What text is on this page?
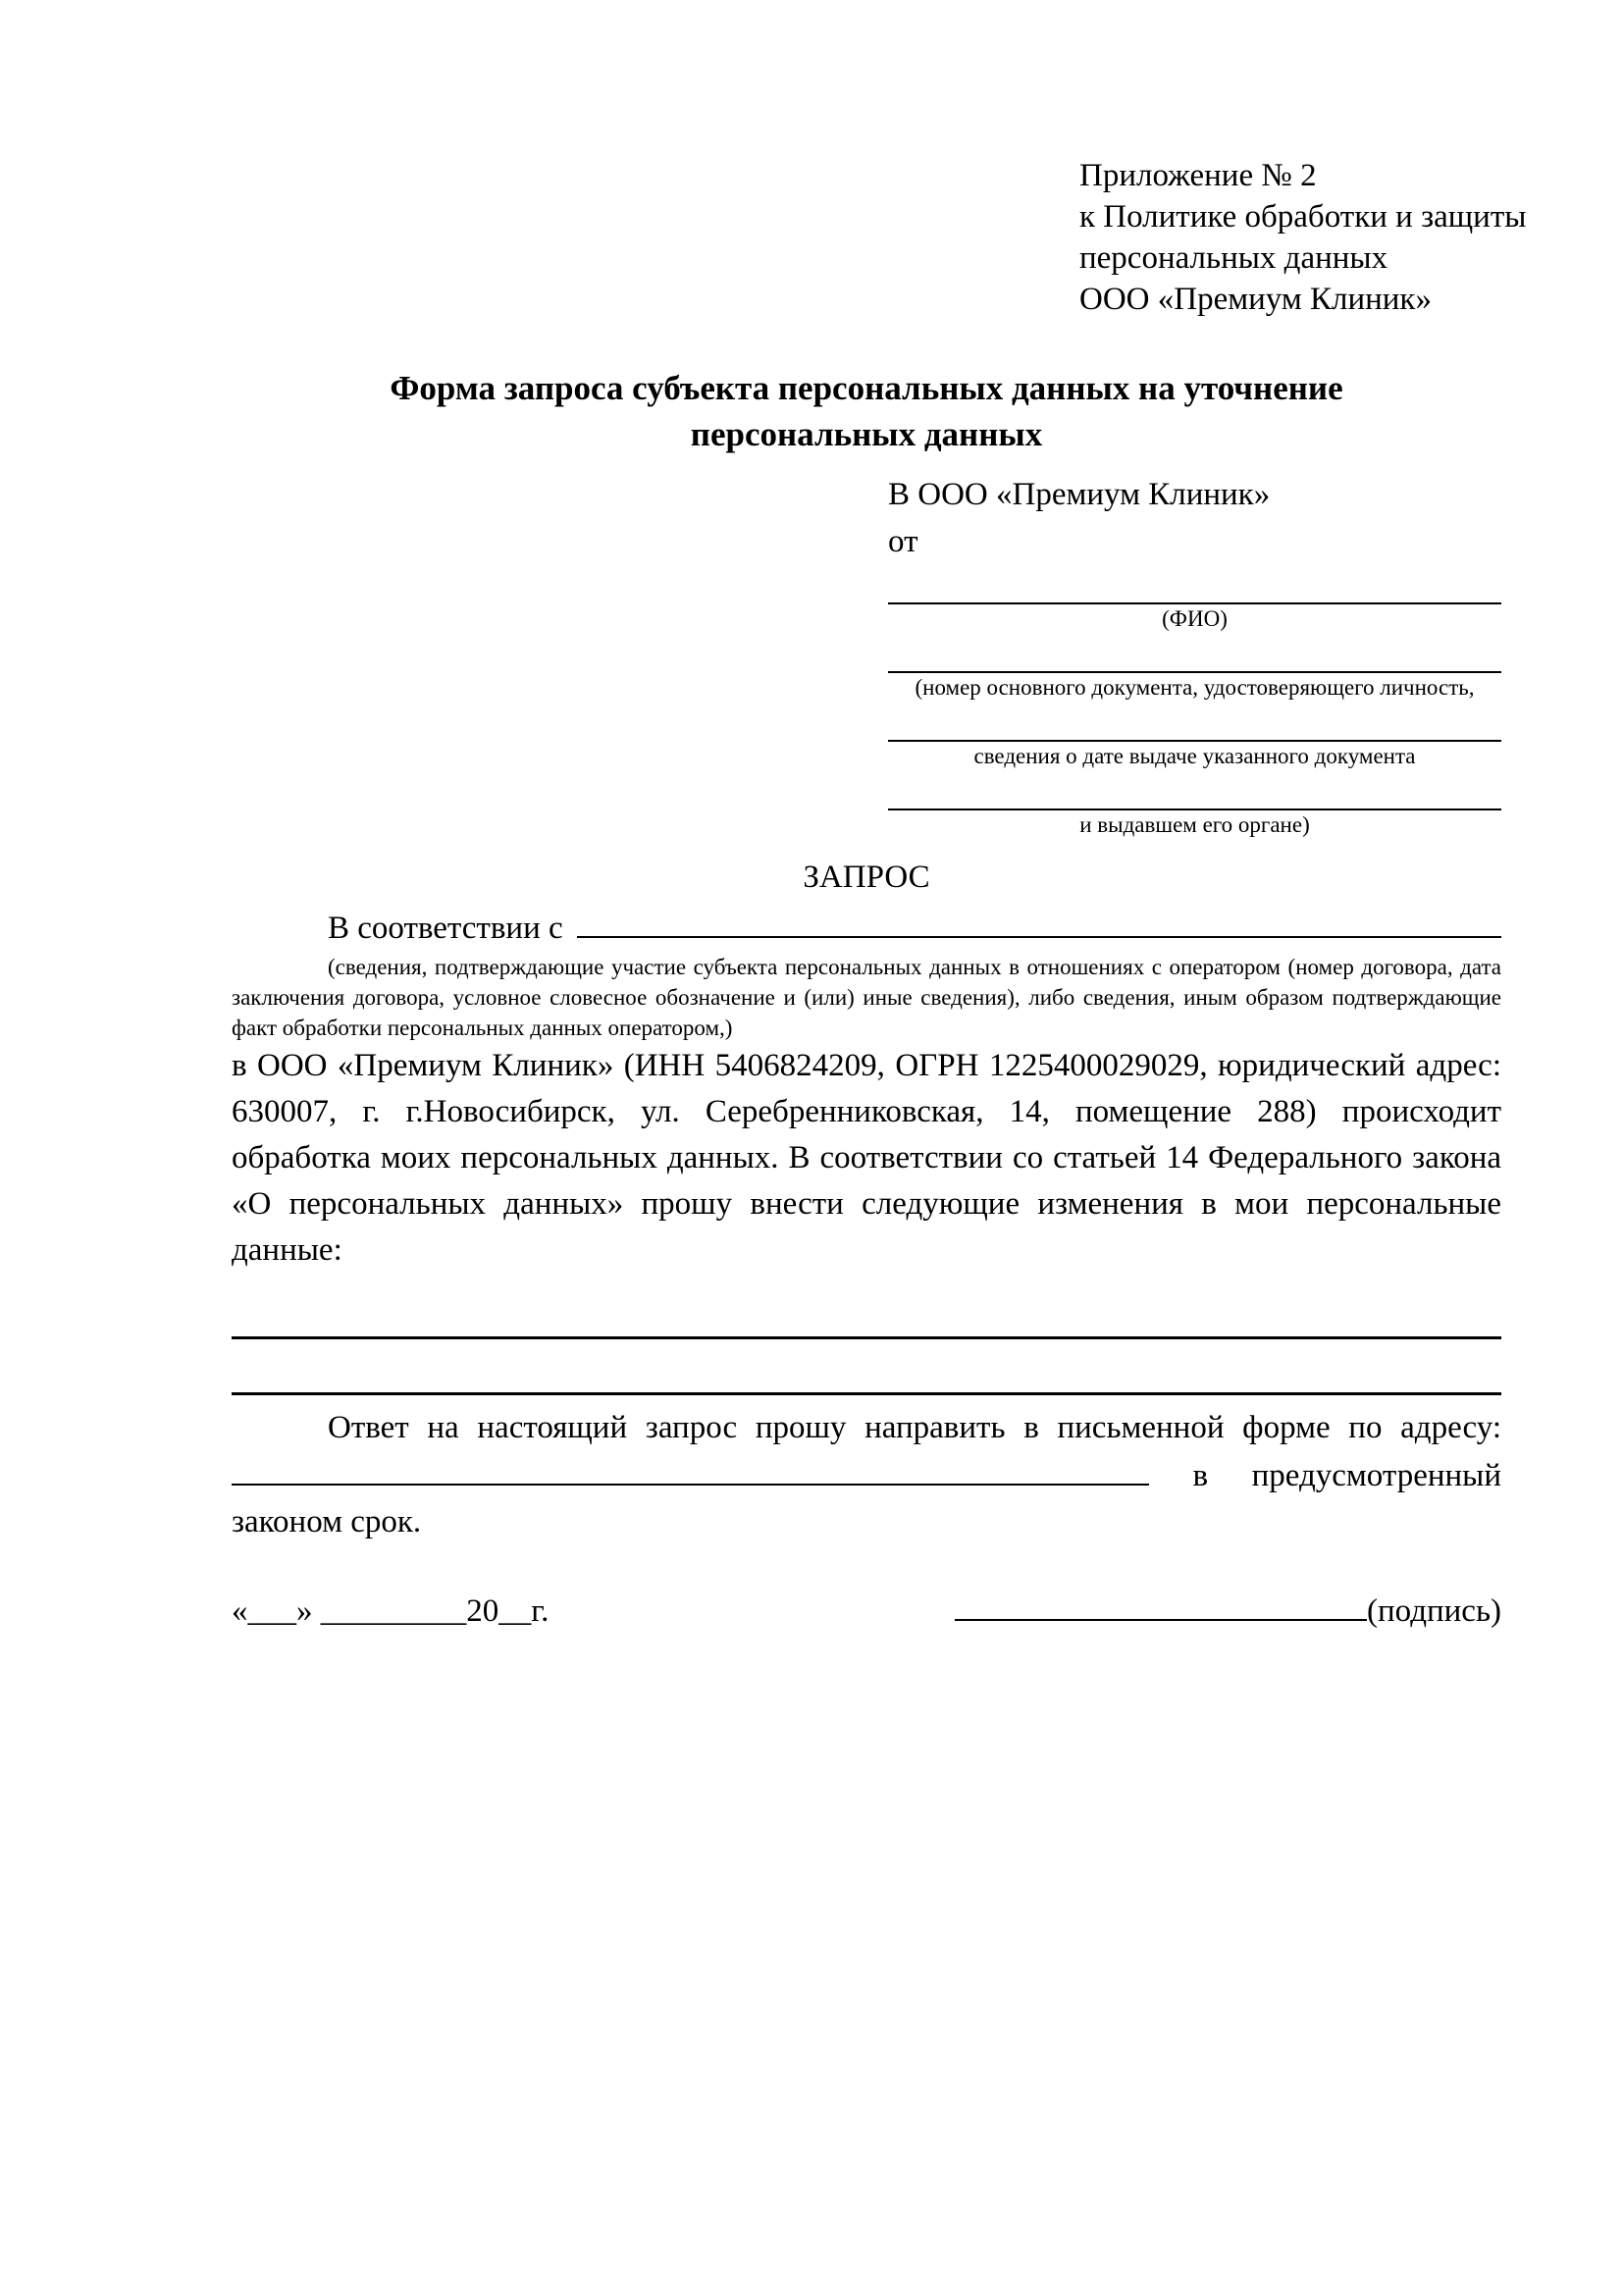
Приложение № 2
к Политике обработки и защиты
персональных данных
ООО «Премиум Клиник»
Форма запроса субъекта персональных данных на уточнение персональных данных
В ООО «Премиум Клиник»
от
(ФИО)
(номер основного документа, удостоверяющего личность,
сведения о дате выдаче указанного документа
и выдавшем его органе)
ЗАПРОС
В соответствии с
(сведения, подтверждающие участие субъекта персональных данных в отношениях с оператором (номер договора, дата заключения договора, условное словесное обозначение и (или) иные сведения), либо сведения, иным образом подтверждающие факт обработки персональных данных оператором,)
в ООО «Премиум Клиник» (ИНН 5406824209, ОГРН 1225400029029, юридический адрес: 630007, г. г.Новосибирск, ул. Серебренниковская, 14, помещение 288) происходит обработка моих персональных данных. В соответствии со статьей 14 Федерального закона «О персональных данных» прошу внести следующие изменения в мои персональные данные:
Ответ на настоящий запрос прошу направить в письменной форме по адресу:  в предусмотренный законом срок.
«___» _________20__г.	(подпись)
